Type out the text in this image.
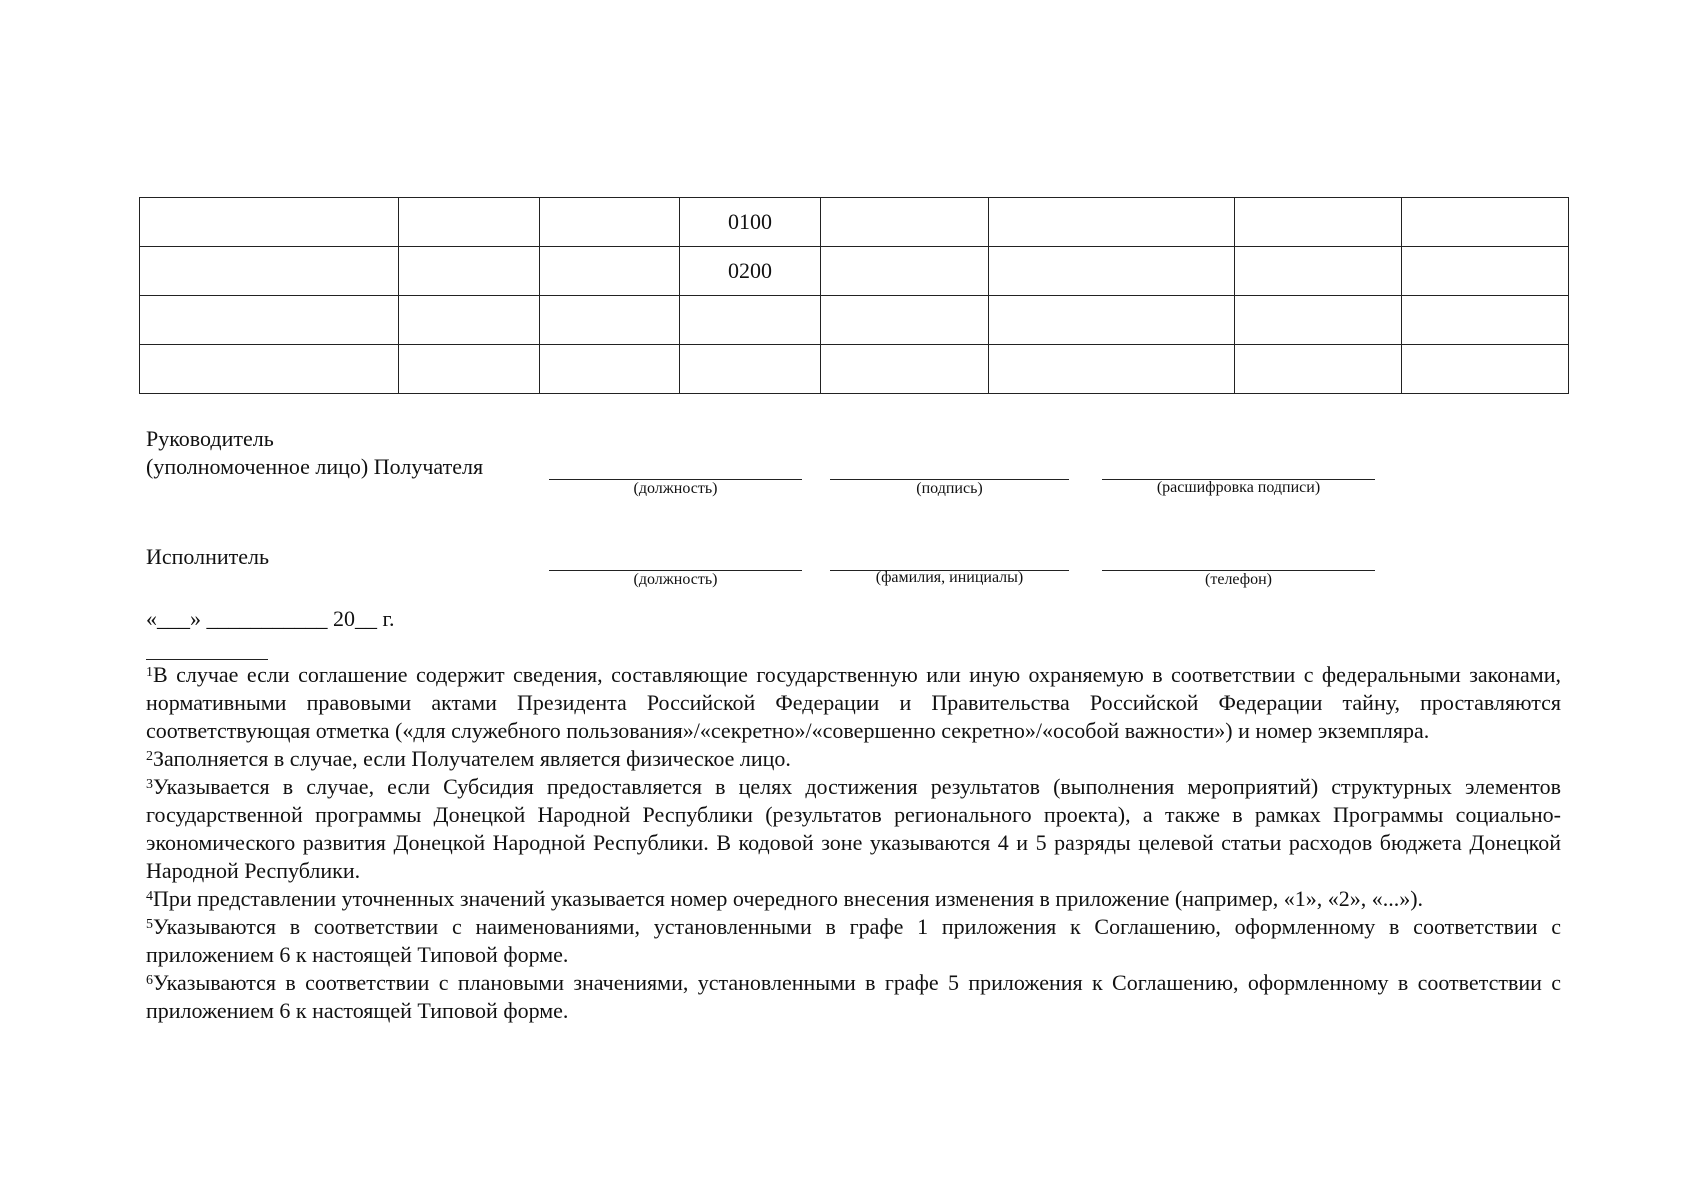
			0100				
			0200				

Руководитель
(уполномоченное лицо) Получателя
(должность)	(подпись)	(расшифровка подписи)
Исполнитель
(должность)	(фамилия, инициалы)	(телефон)
«___» ___________ 20__ г.

$^1$В случае если соглашение содержит сведения, составляющие государственную или иную охраняемую в соответствии с федеральными законами, нормативными правовыми актами Президента Российской Федерации и Правительства Российской Федерации тайну, проставляются соответствующая отметка («для служебного пользования»/«секретно»/«совершенно секретно»/«особой важности») и номер экземпляра.

$^2$Заполняется в случае, если Получателем является физическое лицо.

$^3$Указывается в случае, если Субсидия предоставляется в целях достижения результатов (выполнения мероприятий) структурных элементов государственной программы Донецкой Народной Республики (результатов регионального проекта), а также в рамках Программы социально-экономического развития Донецкой Народной Республики. В кодовой зоне указываются 4 и 5 разряды целевой статьи расходов бюджета Донецкой Народной Республики.

$^4$При представлении уточненных значений указывается номер очередного внесения изменения в приложение (например, «1», «2», «...»).

$^5$Указываются в соответствии с наименованиями, установленными в графе 1 приложения к Соглашению, оформленному в соответствии с приложением 6 к настоящей Типовой форме.

$^6$Указываются в соответствии с плановыми значениями, установленными в графе 5 приложения к Соглашению, оформленному в соответствии с приложением 6 к настоящей Типовой форме.
